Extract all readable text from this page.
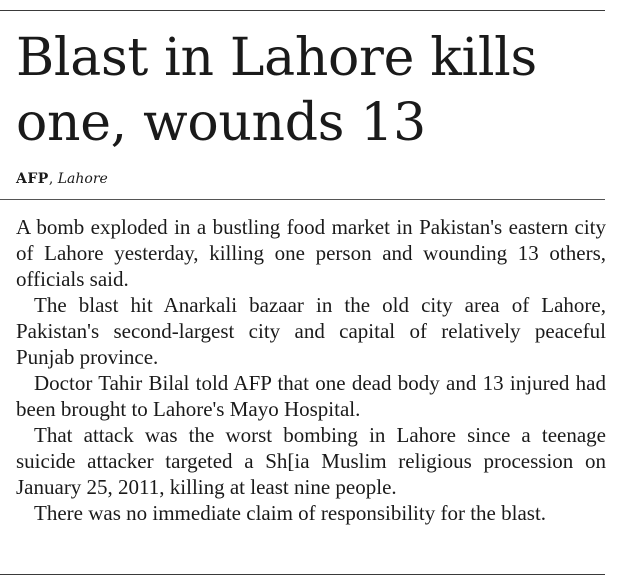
Blast in Lahore kills one, wounds 13
AFP, Lahore

A bomb exploded in a bustling food market in Pakistan's eastern city of Lahore yesterday, killing one person and wounding 13 others, officials said.

The blast hit Anarkali bazaar in the old city area of Lahore, Pakistan's second-largest city and capital of relatively peaceful Punjab province.

Doctor Tahir Bilal told AFP that one dead body and 13 injured had been brought to Lahore's Mayo Hospital.

That attack was the worst bombing in Lahore since a teenage suicide attacker targeted a Sh[ia Muslim religious procession on January 25, 2011, killing at least nine people.

There was no immediate claim of responsibility for the blast.
